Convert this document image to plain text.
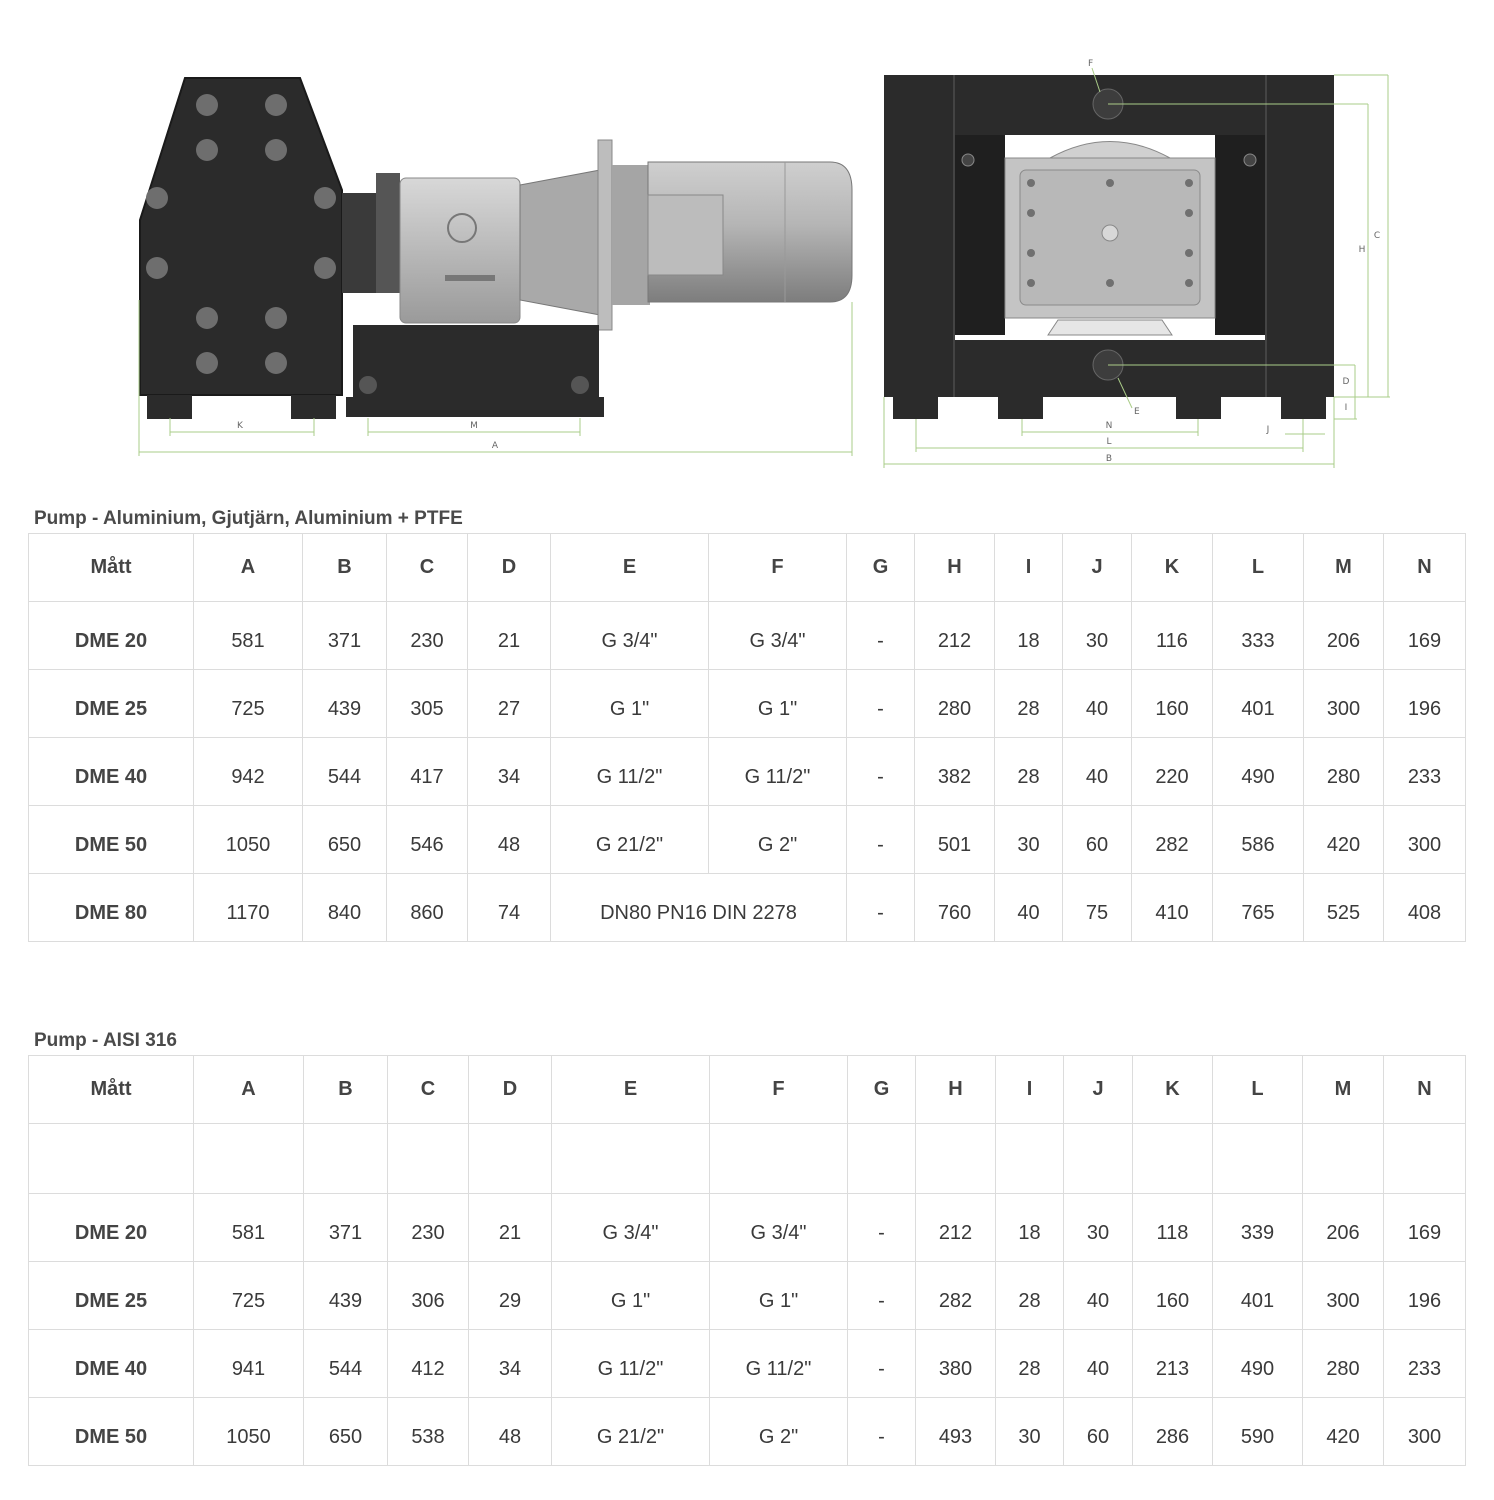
K	M
A
F
C
H
D
I
E
N
L
B
J
Pump - Aluminium, Gjutjärn, Aluminium + PTFE
Mått	A	B	C	D	E	F	G	H	I	J	K	L	M	N
DME 20	581	371	230	21	G 3/4"	G 3/4"	-	212	18	30	116	333	206	169
DME 25	725	439	305	27	G 1"	G 1"	-	280	28	40	160	401	300	196
DME 40	942	544	417	34	G 11/2"	G 11/2"	-	382	28	40	220	490	280	233
DME 50	1050	650	546	48	G 21/2"	G 2"	-	501	30	60	282	586	420	300
DME 80	1170	840	860	74	DN80 PN16 DIN 2278		-	760	40	75	410	765	525	408
Pump - AISI 316
Mått	A	B	C	D	E	F	G	H	I	J	K	L	M	N

DME 20	581	371	230	21	G 3/4"	G 3/4"	-	212	18	30	118	339	206	169
DME 25	725	439	306	29	G 1"	G 1"	-	282	28	40	160	401	300	196
DME 40	941	544	412	34	G 11/2"	G 11/2"	-	380	28	40	213	490	280	233
DME 50	1050	650	538	48	G 21/2"	G 2"	-	493	30	60	286	590	420	300
